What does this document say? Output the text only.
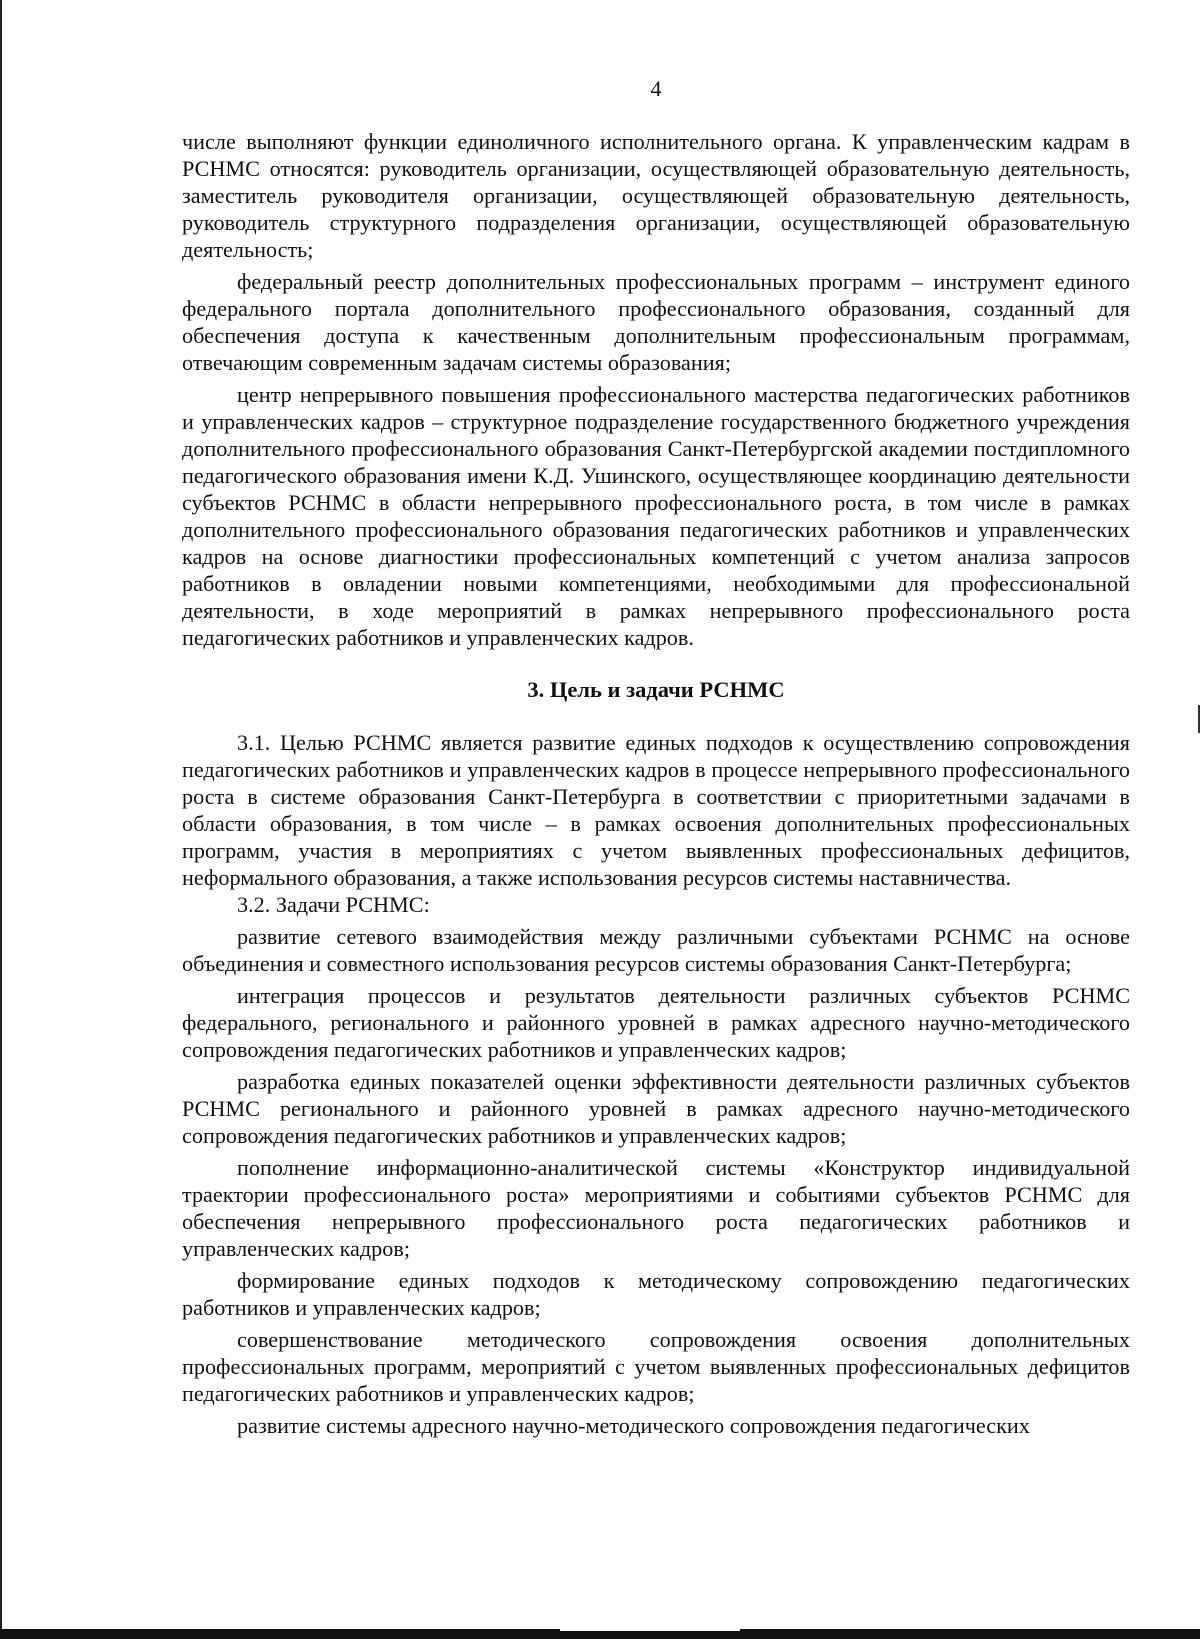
4

числе выполняют функции единоличного исполнительного органа. К управленческим кадрам в РСНМС относятся: руководитель организации, осуществляющей образовательную деятельность, заместитель руководителя организации, осуществляющей образовательную деятельность, руководитель структурного подразделения организации, осуществляющей образовательную деятельность;

федеральный реестр дополнительных профессиональных программ – инструмент единого федерального портала дополнительного профессионального образования, созданный для обеспечения доступа к качественным дополнительным профессиональным программам, отвечающим современным задачам системы образования;

центр непрерывного повышения профессионального мастерства педагогических работников и управленческих кадров – структурное подразделение государственного бюджетного учреждения дополнительного профессионального образования Санкт-Петербургской академии постдипломного педагогического образования имени К.Д. Ушинского, осуществляющее координацию деятельности субъектов РСНМС в области непрерывного профессионального роста, в том числе в рамках дополнительного профессионального образования педагогических работников и управленческих кадров на основе диагностики профессиональных компетенций с учетом анализа запросов работников в овладении новыми компетенциями, необходимыми для профессиональной деятельности, в ходе мероприятий в рамках непрерывного профессионального роста педагогических работников и управленческих кадров.

3. Цель и задачи РСНМС

3.1. Целью РСНМС является развитие единых подходов к осуществлению сопровождения педагогических работников и управленческих кадров в процессе непрерывного профессионального роста в системе образования Санкт-Петербурга в соответствии с приоритетными задачами в области образования, в том числе – в рамках освоения дополнительных профессиональных программ, участия в мероприятиях с учетом выявленных профессиональных дефицитов, неформального образования, а также использования ресурсов системы наставничества.

3.2. Задачи РСНМС:

развитие сетевого взаимодействия между различными субъектами РСНМС на основе объединения и совместного использования ресурсов системы образования Санкт-Петербурга;

интеграция процессов и результатов деятельности различных субъектов РСНМС федерального, регионального и районного уровней в рамках адресного научно-методического сопровождения педагогических работников и управленческих кадров;

разработка единых показателей оценки эффективности деятельности различных субъектов РСНМС регионального и районного уровней в рамках адресного научно-методического сопровождения педагогических работников и управленческих кадров;

пополнение информационно-аналитической системы «Конструктор индивидуальной траектории профессионального роста» мероприятиями и событиями субъектов РСНМС для обеспечения непрерывного профессионального роста педагогических работников и управленческих кадров;

формирование единых подходов к методическому сопровождению педагогических работников и управленческих кадров;

совершенствование методического сопровождения освоения дополнительных профессиональных программ, мероприятий с учетом выявленных профессиональных дефицитов педагогических работников и управленческих кадров;

развитие системы адресного научно-методического сопровождения педагогических
